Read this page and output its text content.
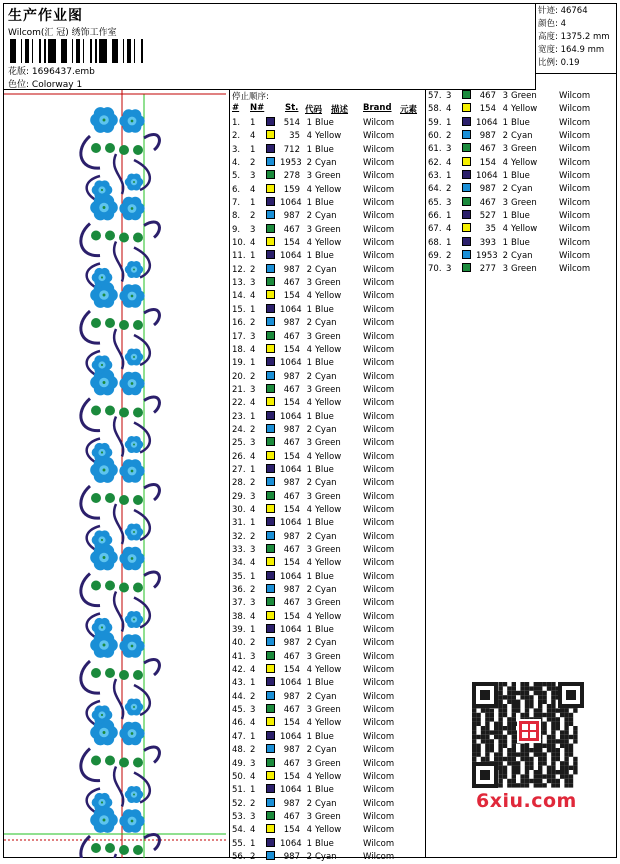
生产作业图
Wilcom(汇 冠) 绣饰工作室
花版: 1696437.emb
色位: Colorway 1
针迹: 46764
颜色: 4
高度: 1375.2 mm
宽度: 164.9 mm
比例: 0.19
停止顺序:
# N# St. 代码 描述 Brand 元素
1. 1	514 1 Blue	Wilcom
2. 4	35 4 Yellow	Wilcom
3. 1	712 1 Blue	Wilcom
4. 2	1953 2 Cyan	Wilcom
5. 3	278 3 Green	Wilcom
6. 4	159 4 Yellow	Wilcom
7. 1	1064 1 Blue	Wilcom
8. 2	987 2 Cyan	Wilcom
9. 3	467 3 Green	Wilcom
10. 4	154 4 Yellow	Wilcom
11. 1	1064 1 Blue	Wilcom
12. 2	987 2 Cyan	Wilcom
13. 3	467 3 Green	Wilcom
14. 4	154 4 Yellow	Wilcom
15. 1	1064 1 Blue	Wilcom
16. 2	987 2 Cyan	Wilcom
17. 3	467 3 Green	Wilcom
18. 4	154 4 Yellow	Wilcom
19. 1	1064 1 Blue	Wilcom
20. 2	987 2 Cyan	Wilcom
21. 3	467 3 Green	Wilcom
22. 4	154 4 Yellow	Wilcom
23. 1	1064 1 Blue	Wilcom
24. 2	987 2 Cyan	Wilcom
25. 3	467 3 Green	Wilcom
26. 4	154 4 Yellow	Wilcom
27. 1	1064 1 Blue	Wilcom
28. 2	987 2 Cyan	Wilcom
29. 3	467 3 Green	Wilcom
30. 4	154 4 Yellow	Wilcom
31. 1	1064 1 Blue	Wilcom
32. 2	987 2 Cyan	Wilcom
33. 3	467 3 Green	Wilcom
34. 4	154 4 Yellow	Wilcom
35. 1	1064 1 Blue	Wilcom
36. 2	987 2 Cyan	Wilcom
37. 3	467 3 Green	Wilcom
38. 4	154 4 Yellow	Wilcom
39. 1	1064 1 Blue	Wilcom
40. 2	987 2 Cyan	Wilcom
41. 3	467 3 Green	Wilcom
42. 4	154 4 Yellow	Wilcom
43. 1	1064 1 Blue	Wilcom
44. 2	987 2 Cyan	Wilcom
45. 3	467 3 Green	Wilcom
46. 4	154 4 Yellow	Wilcom
47. 1	1064 1 Blue	Wilcom
48. 2	987 2 Cyan	Wilcom
49. 3	467 3 Green	Wilcom
50. 4	154 4 Yellow	Wilcom
51. 1	1064 1 Blue	Wilcom
52. 2	987 2 Cyan	Wilcom
53. 3	467 3 Green	Wilcom
54. 4	154 4 Yellow	Wilcom
55. 1	1064 1 Blue	Wilcom
56. 2	987 2 Cyan	Wilcom
57. 3	467 3 Green	Wilcom
58. 4	154 4 Yellow	Wilcom
59. 1	1064 1 Blue	Wilcom
60. 2	987 2 Cyan	Wilcom
61. 3	467 3 Green	Wilcom
62. 4	154 4 Yellow	Wilcom
63. 1	1064 1 Blue	Wilcom
64. 2	987 2 Cyan	Wilcom
65. 3	467 3 Green	Wilcom
66. 1	527 1 Blue	Wilcom
67. 4	35 4 Yellow	Wilcom
68. 1	393 1 Blue	Wilcom
69. 2	1953 2 Cyan	Wilcom
70. 3	277 3 Green	Wilcom
6xiu.com
